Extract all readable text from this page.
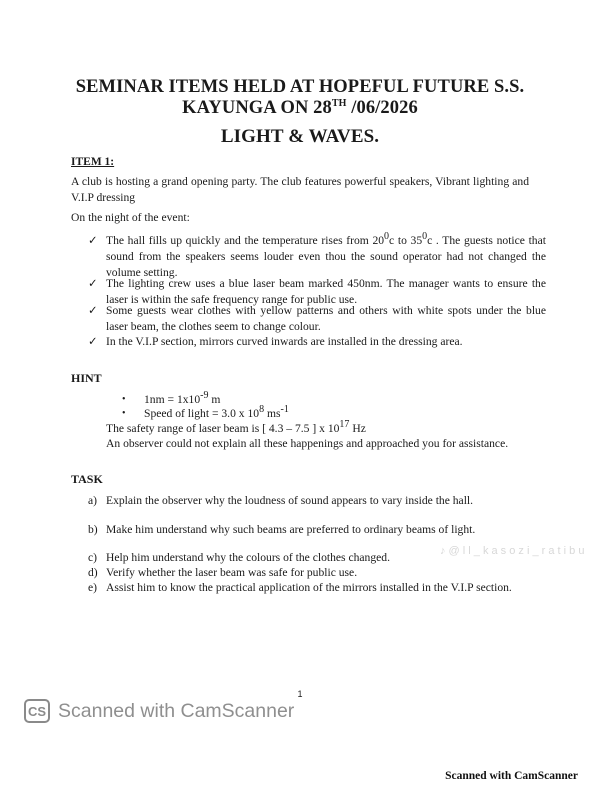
SEMINAR ITEMS HELD AT HOPEFUL FUTURE S.S.
KAYUNGA ON 28TH /06/2026
LIGHT & WAVES.
ITEM 1:
A club is hosting a grand opening party. The club features powerful speakers, Vibrant lighting and V.I.P dressing
On the night of the event:
✓ The hall fills up quickly and the temperature rises from $20^0c$ to $35^0c$ . The guests notice that sound from the speakers seems louder even thou the sound operator had not changed the volume setting.
✓ The lighting crew uses a blue laser beam marked 450nm. The manager wants to ensure the laser is within the safe frequency range for public use.
✓ Some guests wear clothes with yellow patterns and others with white spots under the blue laser beam, the clothes seem to change colour.
✓ In the V.I.P section, mirrors curved inwards are installed in the dressing area.
HINT
• $1nm = 1x10^{-9}$ m
• Speed of light = 3.0 x $10^8$ $ms^{-1}$
The safety range of laser beam is [ 4.3 – 7.5 ] x $10^{17}$ Hz
An observer could not explain all these happenings and approached you for assistance.
TASK
a) Explain the observer why the loudness of sound appears to vary inside the hall.
b) Make him understand why such beams are preferred to ordinary beams of light.
c) Help him understand why the colours of the clothes changed.
d) Verify whether the laser beam was safe for public use.
e) Assist him to know the practical application of the mirrors installed in the V.I.P section.
♪ @ l l _ k a s o z i _ r a t i b u
1
CS Scanned with CamScanner
Scanned with CamScanner
